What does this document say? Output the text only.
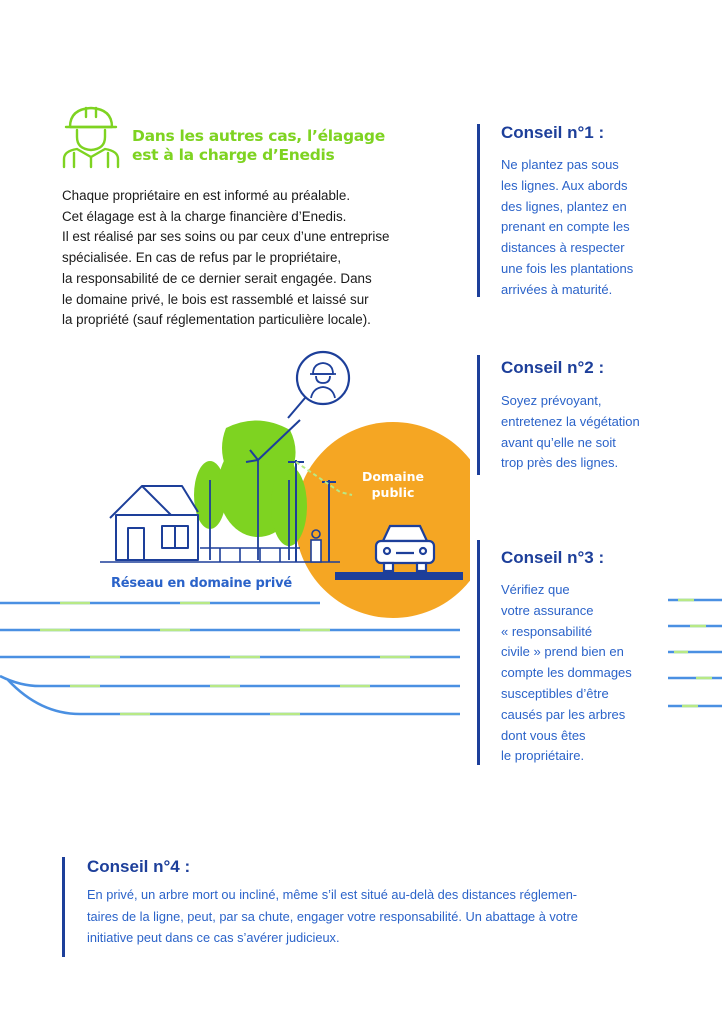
Dans les autres cas, l’élagage
est à la charge d’Enedis
Chaque propriétaire en est informé au préalable.
Cet élagage est à la charge financière d’Enedis.
Il est réalisé par ses soins ou par ceux d’une entreprise
spécialisée. En cas de refus par le propriétaire,
la responsabilité de ce dernier serait engagée. Dans
le domaine privé, le bois est rassemblé et laissé sur
la propriété (sauf réglementation particulière locale).
Conseil n°1 :
Ne plantez pas sous
les lignes. Aux abords
des lignes, plantez en
prenant en compte les
distances à respecter
une fois les plantations
arrivées à maturité.
Conseil n°2 :
Soyez prévoyant,
entretenez la végétation
avant qu’elle ne soit
trop près des lignes.
Conseil n°3 :
Vérifiez que
votre assurance
« responsabilité
civile » prend bien en
compte les dommages
susceptibles d’être
causés par les arbres
dont vous êtes
le propriétaire.
Domaine
public
Réseau en domaine privé
Conseil n°4 :
En privé, un arbre mort ou incliné, même s’il est situé au-delà des distances réglemen-
taires de la ligne, peut, par sa chute, engager votre responsabilité. Un abattage à votre
initiative peut dans ce cas s’avérer judicieux.
